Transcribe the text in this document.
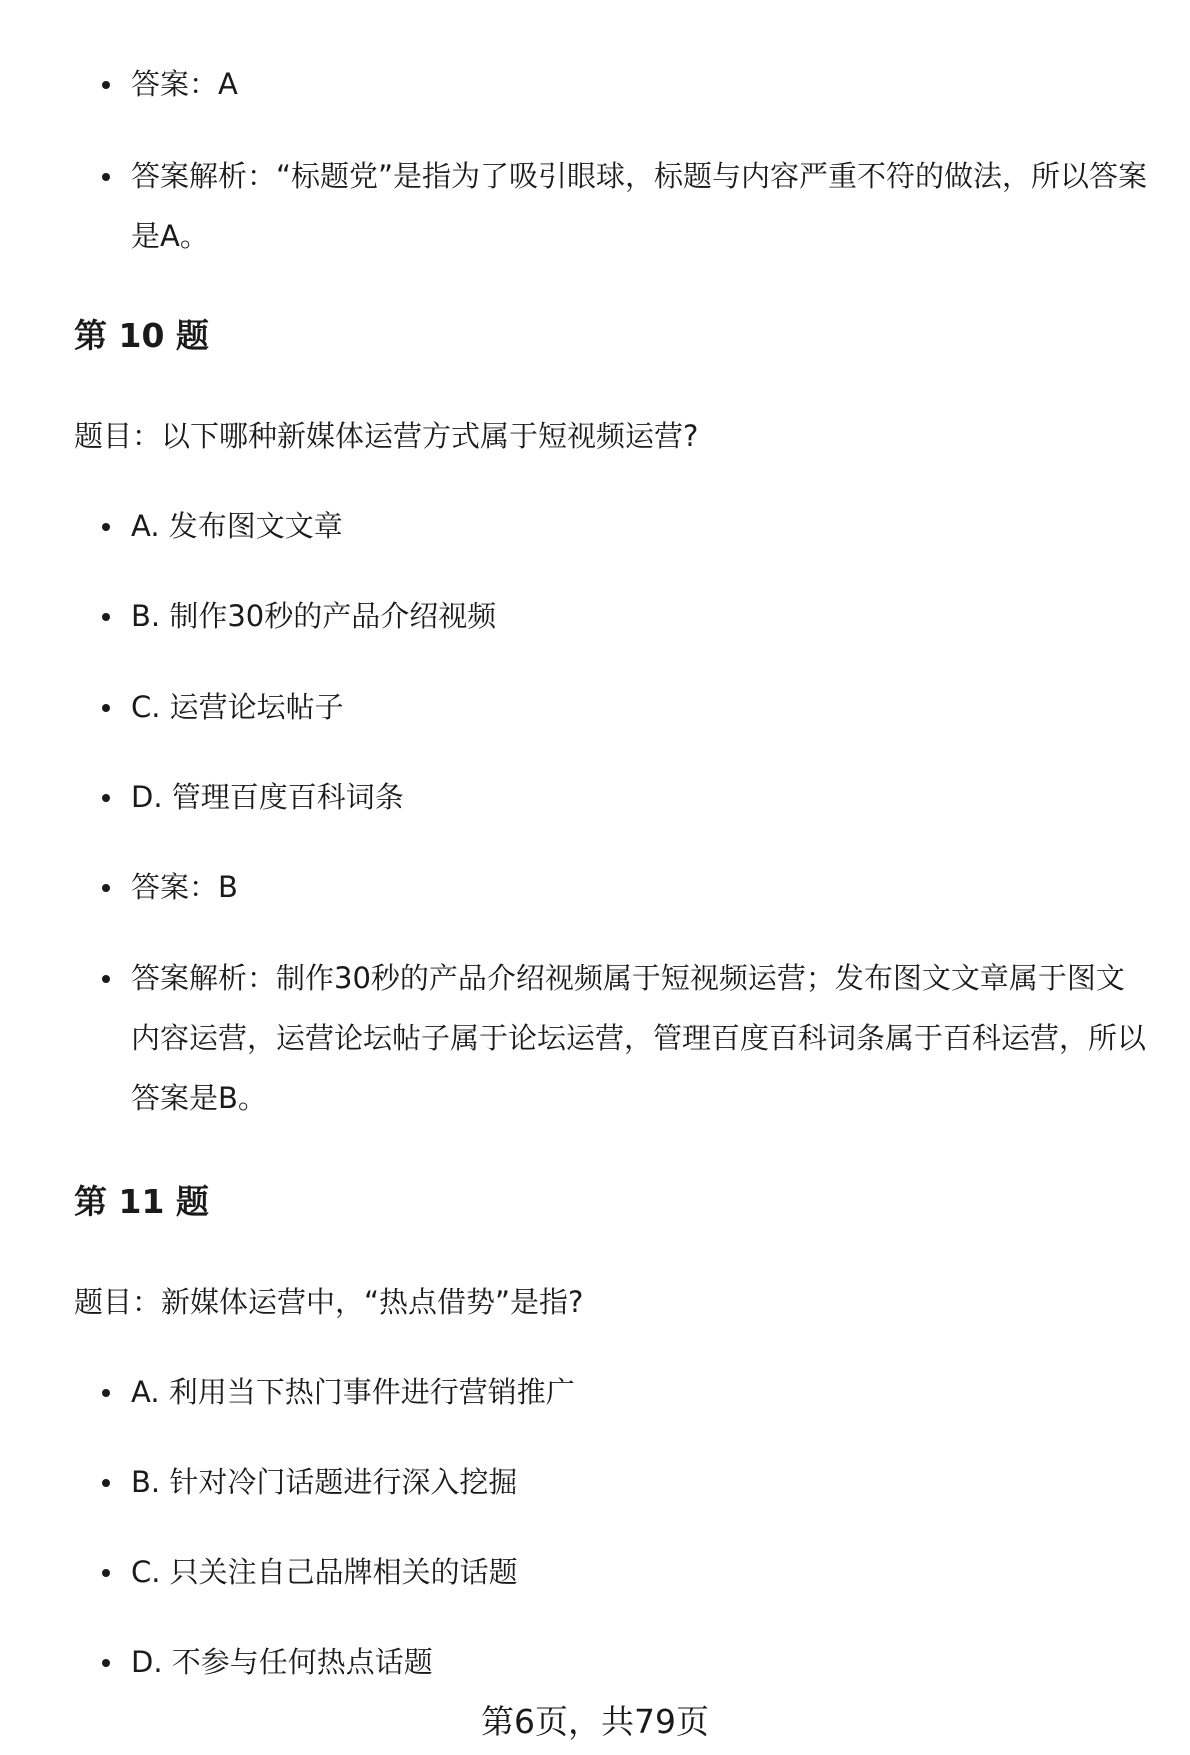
答案：A
答案解析：“标题党”是指为了吸引眼球，标题与内容严重不符的做法，所以答案是A。
第 10 题
题目：以下哪种新媒体运营方式属于短视频运营?
A. 发布图文文章
B. 制作30秒的产品介绍视频
C. 运营论坛帖子
D. 管理百度百科词条
答案：B
答案解析：制作30秒的产品介绍视频属于短视频运营；发布图文文章属于图文内容运营，运营论坛帖子属于论坛运营，管理百度百科词条属于百科运营，所以答案是B。
第 11 题
题目：新媒体运营中，“热点借势”是指?
A. 利用当下热门事件进行营销推广
B. 针对冷门话题进行深入挖掘
C. 只关注自己品牌相关的话题
D. 不参与任何热点话题
第6页，共79页
